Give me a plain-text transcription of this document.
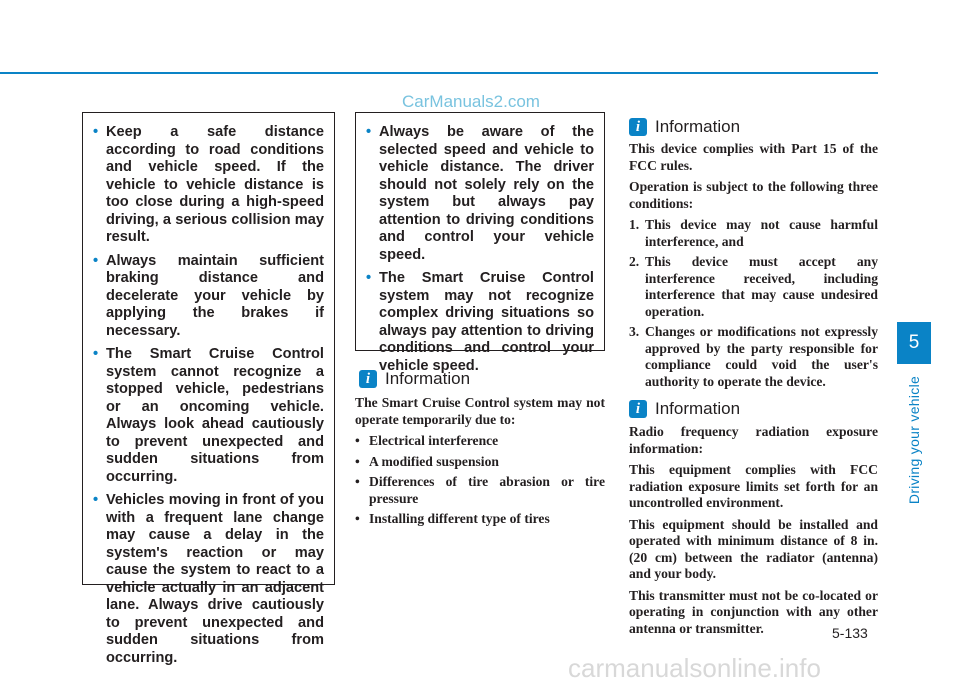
CarManuals2.com
• Keep a safe distance according to road conditions and vehicle speed. If the vehicle to vehicle distance is too close during a high-speed driving, a serious collision may result.
• Always maintain sufficient braking distance and decelerate your vehicle by applying the brakes if necessary.
• The Smart Cruise Control system cannot recognize a stopped vehicle, pedestrians or an oncoming vehicle. Always look ahead cautiously to prevent unexpected and sudden situations from occurring.
• Vehicles moving in front of you with a frequent lane change may cause a delay in the system's reaction or may cause the system to react to a vehicle actually in an adjacent lane. Always drive cautiously to prevent unexpected and sudden situations from occurring.
• Always be aware of the selected speed and vehicle to vehicle distance. The driver should not solely rely on the system but always pay attention to driving conditions and control your vehicle speed.
• The Smart Cruise Control system may not recognize complex driving situations so always pay attention to driving conditions and control your vehicle speed.
i Information

The Smart Cruise Control system may not operate temporarily due to:

• Electrical interference
• A modified suspension
• Differences of tire abrasion or tire pressure
• Installing different type of tires
i Information

This device complies with Part 15 of the FCC rules.

Operation is subject to the following three conditions:

1. This device may not cause harmful interference, and
2. This device must accept any interference received, including interference that may cause undesired operation.
3. Changes or modifications not expressly approved by the party responsible for compliance could void the user's authority to operate the device.
i Information

Radio frequency radiation exposure information:

This equipment complies with FCC radiation exposure limits set forth for an uncontrolled environment.

This equipment should be installed and operated with minimum distance of 8 in. (20 cm) between the radiator (antenna) and your body.

This transmitter must not be co-located or operating in conjunction with any other antenna or transmitter.

5
Driving your vehicle
5-133
carmanualsonline.info
